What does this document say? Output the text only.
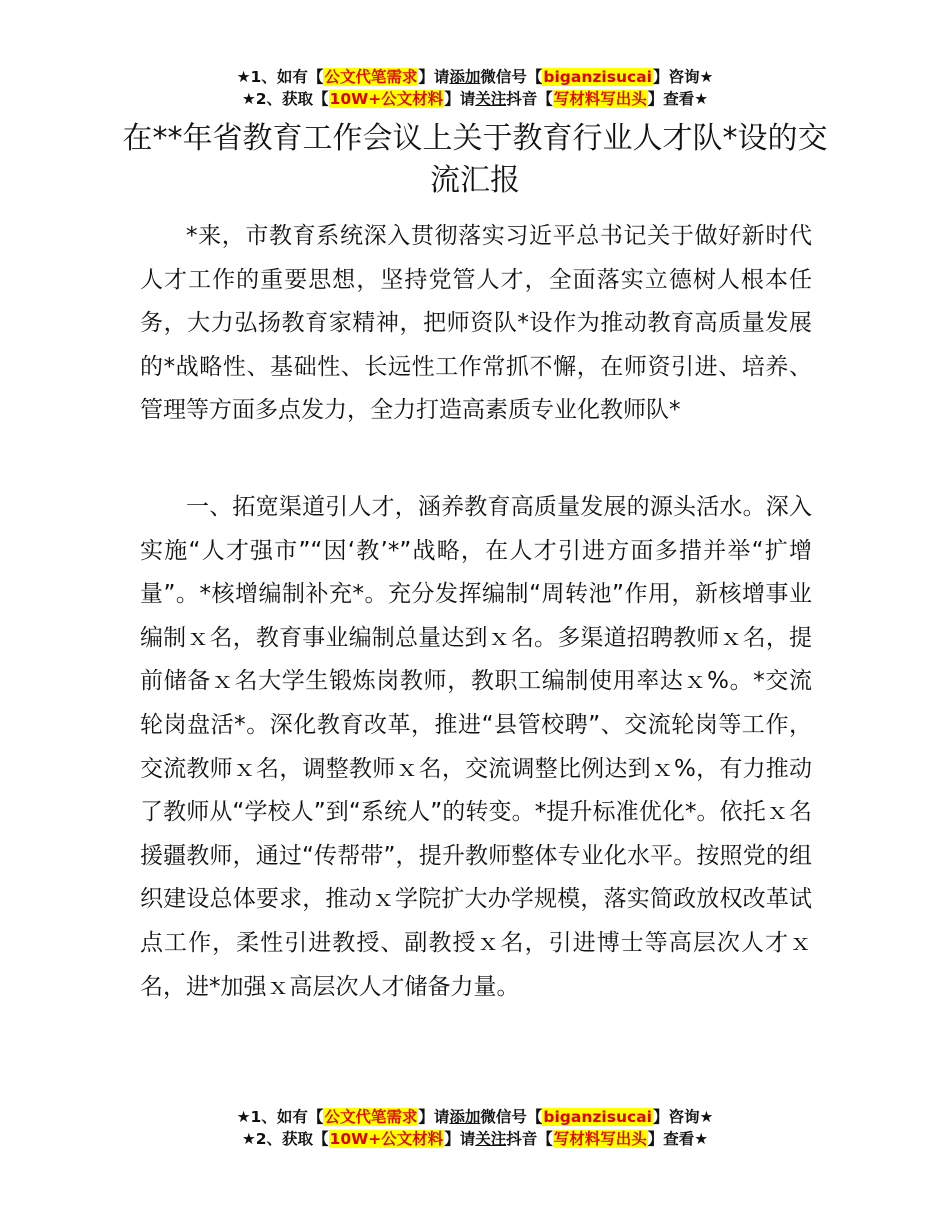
★1、如有【公文代笔需求】请添加微信号【biganzisucai】咨询★
★2、获取【10W+公文材料】请关注抖音【写材料写出头】查看★
在**年省教育工作会议上关于教育行业人才队*设的交流汇报

*来，市教育系统深入贯彻落实习近平总书记关于做好新时代人才工作的重要思想，坚持党管人才，全面落实立德树人根本任务，大力弘扬教育家精神，把师资队*设作为推动教育高质量发展的*战略性、基础性、长远性工作常抓不懈，在师资引进、培养、管理等方面多点发力，全力打造高素质专业化教师队*

一、拓宽渠道引人才，涵养教育高质量发展的源头活水。深入实施“人才强市”“因‘教’*”战略，在人才引进方面多措并举“扩增量”。*核增编制补充*。充分发挥编制“周转池”作用，新核增事业编制ｘ名，教育事业编制总量达到ｘ名。多渠道招聘教师ｘ名，提前储备ｘ名大学生锻炼岗教师，教职工编制使用率达ｘ%。*交流轮岗盘活*。深化教育改革，推进“县管校聘”、交流轮岗等工作，交流教师ｘ名，调整教师ｘ名，交流调整比例达到ｘ%，有力推动了教师从“学校人”到“系统人”的转变。*提升标准优化*。依托ｘ名援疆教师，通过“传帮带”，提升教师整体专业化水平。按照党的组织建设总体要求，推动ｘ学院扩大办学规模，落实简政放权改革试点工作，柔性引进教授、副教授ｘ名，引进博士等高层次人才ｘ名，进*加强ｘ高层次人才储备力量。

★1、如有【公文代笔需求】请添加微信号【biganzisucai】咨询★
★2、获取【10W+公文材料】请关注抖音【写材料写出头】查看★
